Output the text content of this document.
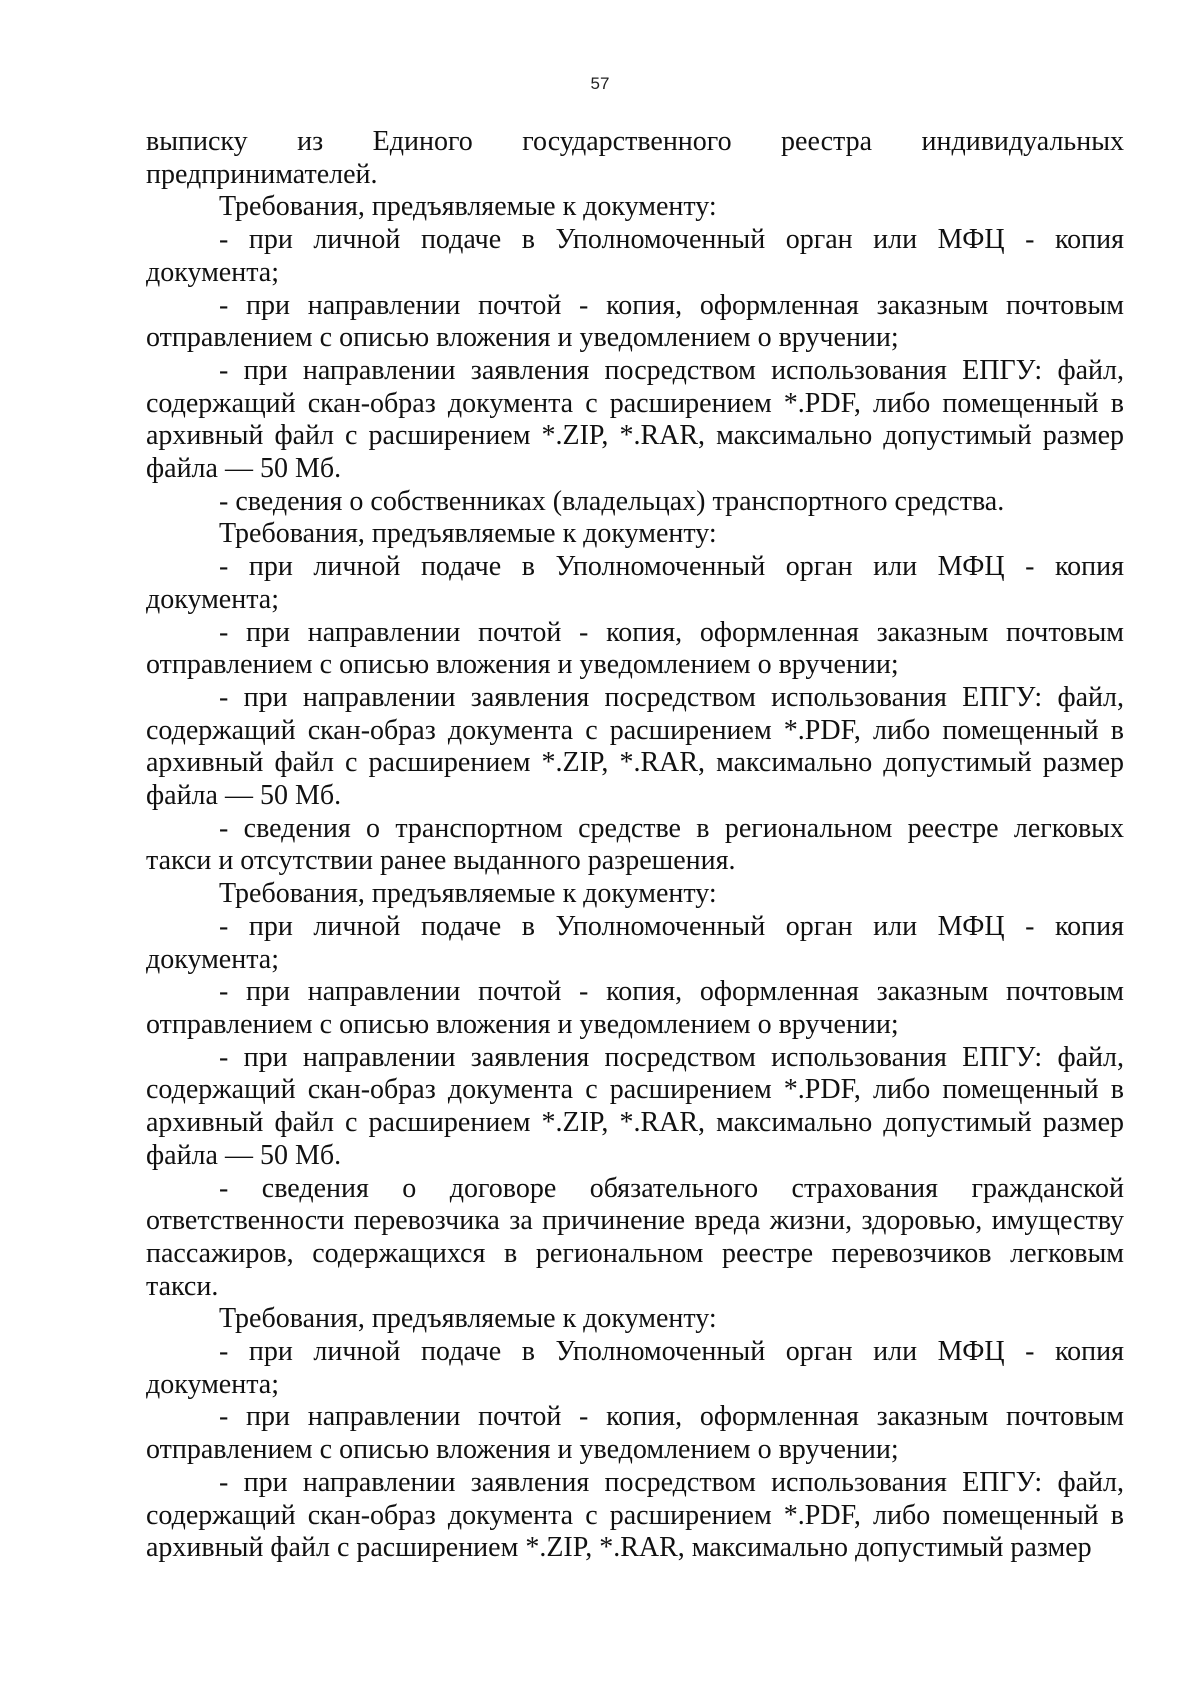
57

выписку из Единого государственного реестра индивидуальных предпринимателей.

Требования, предъявляемые к документу:

- при личной подаче в Уполномоченный орган или МФЦ - копия документа;

- при направлении почтой - копия, оформленная заказным почтовым отправлением с описью вложения и уведомлением о вручении;

- при направлении заявления посредством использования ЕПГУ: файл, содержащий скан-образ документа с расширением *.PDF, либо помещенный в архивный файл с расширением *.ZIP, *.RAR, максимально допустимый размер файла — 50 Мб.

- сведения о собственниках (владельцах) транспортного средства.

Требования, предъявляемые к документу:

- при личной подаче в Уполномоченный орган или МФЦ - копия документа;

- при направлении почтой - копия, оформленная заказным почтовым отправлением с описью вложения и уведомлением о вручении;

- при направлении заявления посредством использования ЕПГУ: файл, содержащий скан-образ документа с расширением *.PDF, либо помещенный в архивный файл с расширением *.ZIP, *.RAR, максимально допустимый размер файла — 50 Мб.

- сведения о транспортном средстве в региональном реестре легковых такси и отсутствии ранее выданного разрешения.

Требования, предъявляемые к документу:

- при личной подаче в Уполномоченный орган или МФЦ - копия документа;

- при направлении почтой - копия, оформленная заказным почтовым отправлением с описью вложения и уведомлением о вручении;

- при направлении заявления посредством использования ЕПГУ: файл, содержащий скан-образ документа с расширением *.PDF, либо помещенный в архивный файл с расширением *.ZIP, *.RAR, максимально допустимый размер файла — 50 Мб.

- сведения о договоре обязательного страхования гражданской ответственности перевозчика за причинение вреда жизни, здоровью, имуществу пассажиров, содержащихся в региональном реестре перевозчиков легковым такси.

Требования, предъявляемые к документу:

- при личной подаче в Уполномоченный орган или МФЦ - копия документа;

- при направлении почтой - копия, оформленная заказным почтовым отправлением с описью вложения и уведомлением о вручении;

- при направлении заявления посредством использования ЕПГУ: файл, содержащий скан-образ документа с расширением *.PDF, либо помещенный в архивный файл с расширением *.ZIP, *.RAR, максимально допустимый размер
